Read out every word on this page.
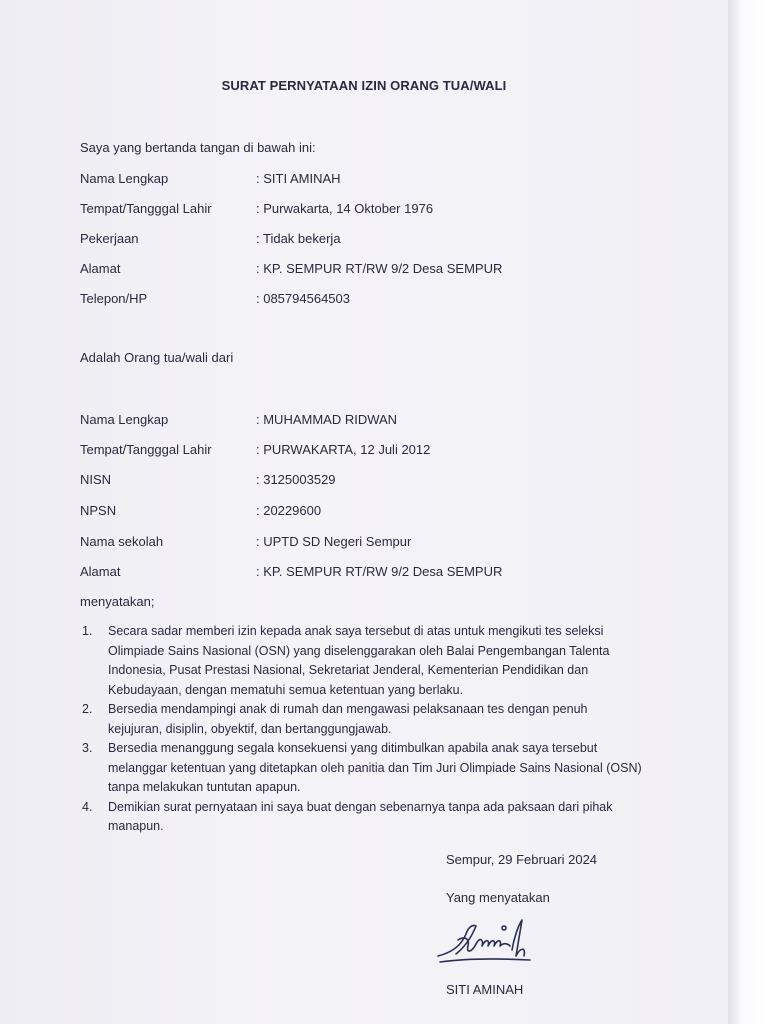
SURAT PERNYATAAN IZIN ORANG TUA/WALI
Saya yang bertanda tangan di bawah ini:
Nama Lengkap	: SITI AMINAH
Tempat/Tangggal Lahir	: Purwakarta, 14 Oktober 1976
Pekerjaan	: Tidak bekerja
Alamat	: KP. SEMPUR RT/RW 9/2 Desa SEMPUR
Telepon/HP	: 085794564503
Adalah Orang tua/wali dari
Nama Lengkap	: MUHAMMAD RIDWAN
Tempat/Tangggal Lahir	: PURWAKARTA, 12 Juli 2012
NISN	: 3125003529
NPSN	: 20229600
Nama sekolah	: UPTD SD Negeri Sempur
Alamat	: KP. SEMPUR RT/RW 9/2 Desa SEMPUR
menyatakan;
1. Secara sadar memberi izin kepada anak saya tersebut di atas untuk mengikuti tes seleksi Olimpiade Sains Nasional (OSN) yang diselenggarakan oleh Balai Pengembangan Talenta Indonesia, Pusat Prestasi Nasional, Sekretariat Jenderal, Kementerian Pendidikan dan Kebudayaan, dengan mematuhi semua ketentuan yang berlaku.
2. Bersedia mendampingi anak di rumah dan mengawasi pelaksanaan tes dengan penuh kejujuran, disiplin, obyektif, dan bertanggungjawab.
3. Bersedia menanggung segala konsekuensi yang ditimbulkan apabila anak saya tersebut melanggar ketentuan yang ditetapkan oleh panitia dan Tim Juri Olimpiade Sains Nasional (OSN) tanpa melakukan tuntutan apapun.
4. Demikian surat pernyataan ini saya buat dengan sebenarnya tanpa ada paksaan dari pihak manapun.
Sempur, 29 Februari 2024
Yang menyatakan
SITI AMINAH
